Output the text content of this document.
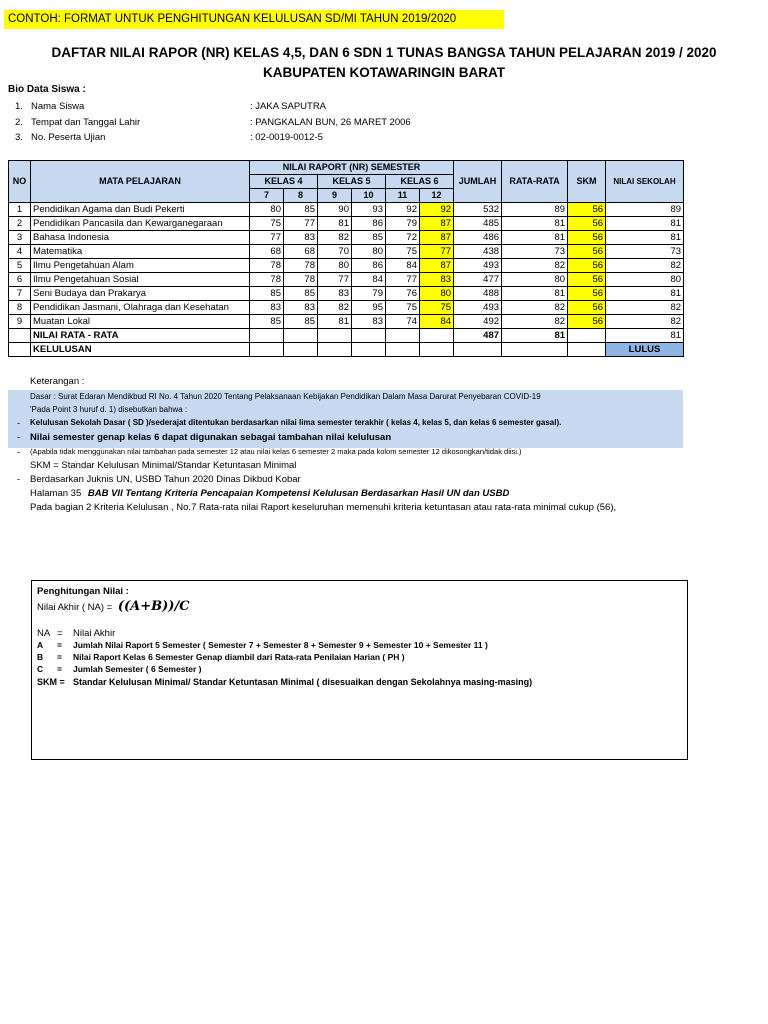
CONTOH: FORMAT UNTUK PENGHITUNGAN KELULUSAN SD/MI TAHUN 2019/2020
DAFTAR NILAI RAPOR (NR) KELAS 4,5, DAN 6 SDN 1 TUNAS BANGSA TAHUN PELAJARAN 2019 / 2020
KABUPATEN KOTAWARINGIN BARAT
Bio Data Siswa :
1. Nama Siswa	: JAKA SAPUTRA
2. Tempat dan Tanggal Lahir	: PANGKALAN BUN, 26 MARET 2006
3. No. Peserta Ujian	: 02-0019-0012-5
NO	MATA PELAJARAN	NILAI RAPORT (NR) SEMESTER						JUMLAH	RATA-RATA	SKM	NILAI SEKOLAH
		KELAS 4		KELAS 5		KELAS 6					
		7	8	9	10	11	12				
1	Pendidikan Agama dan Budi Pekerti	80	85	90	93	92	92	532	89	56	89
2	Pendidikan Pancasila dan Kewarganegaraan	75	77	81	86	79	87	485	81	56	81
3	Bahasa Indonesia	77	83	82	85	72	87	486	81	56	81
4	Matematika	68	68	70	80	75	77	438	73	56	73
5	Ilmu Pengetahuan Alam	78	78	80	86	84	87	493	82	56	82
6	Ilmu Pengetahuan Sosial	78	78	77	84	77	83	477	80	56	80
7	Seni Budaya dan Prakarya	85	85	83	79	76	80	488	81	56	81
8	Pendidikan Jasmani, Olahraga dan Kesehatan	83	83	82	95	75	75	493	82	56	82
9	Muatan Lokal	85	85	81	83	74	84	492	82	56	82
	NILAI RATA - RATA							487	81		81
	KELULUSAN										LULUS
Keterangan :
Dasar : Surat Edaran Mendikbud RI No. 4 Tahun 2020 Tentang Pelaksanaan Kebijakan Pendidikan Dalam Masa Darurat Penyebaran COVID-19
'Pada Point 3 huruf d. 1) disebutkan bahwa :
- Kelulusan Sekolah Dasar ( SD )/sederajat ditentukan berdasarkan nilai lima semester terakhir ( kelas 4, kelas 5, dan kelas 6 semester gasal).
- Nilai semester genap kelas 6 dapat digunakan sebagai tambahan nilai kelulusan
- (Apabila tidak menggunakan nilai tambahan pada semester 12 atau nilai kelas 6 semester 2 maka pada kolom semester 12 dikosongkan/tidak diisi.)
SKM = Standar Kelulusan Minimal/Standar Ketuntasan Minimal
- Berdasarkan Juknis UN, USBD Tahun 2020 Dinas Dikbud Kobar
Halaman 35 BAB VII Tentang Kriteria Pencapaian Kompetensi Kelulusan Berdasarkan Hasil UN dan USBD
Pada bagian 2 Kriteria Kelulusan , No.7 Rata-rata nilai Raport keseluruhan memenuhi kriteria ketuntasan atau rata-rata minimal cukup (56),
Penghitungan Nilai :
Nilai Akhir ( NA) = ((A+B))/C
NA = Nilai Akhir
A = Jumlah Nilai Raport 5 Semester ( Semester 7 + Semester 8 + Semester 9 + Semester 10 + Semester 11 )
B = Nilai Raport Kelas 6 Semester Genap diambil dari Rata-rata Penilaian Harian ( PH )
C = Jumlah Semester ( 6 Semester )
SKM = Standar Kelulusan Minimal/ Standar Ketuntasan Minimal ( disesuaikan dengan Sekolahnya masing-masing)
